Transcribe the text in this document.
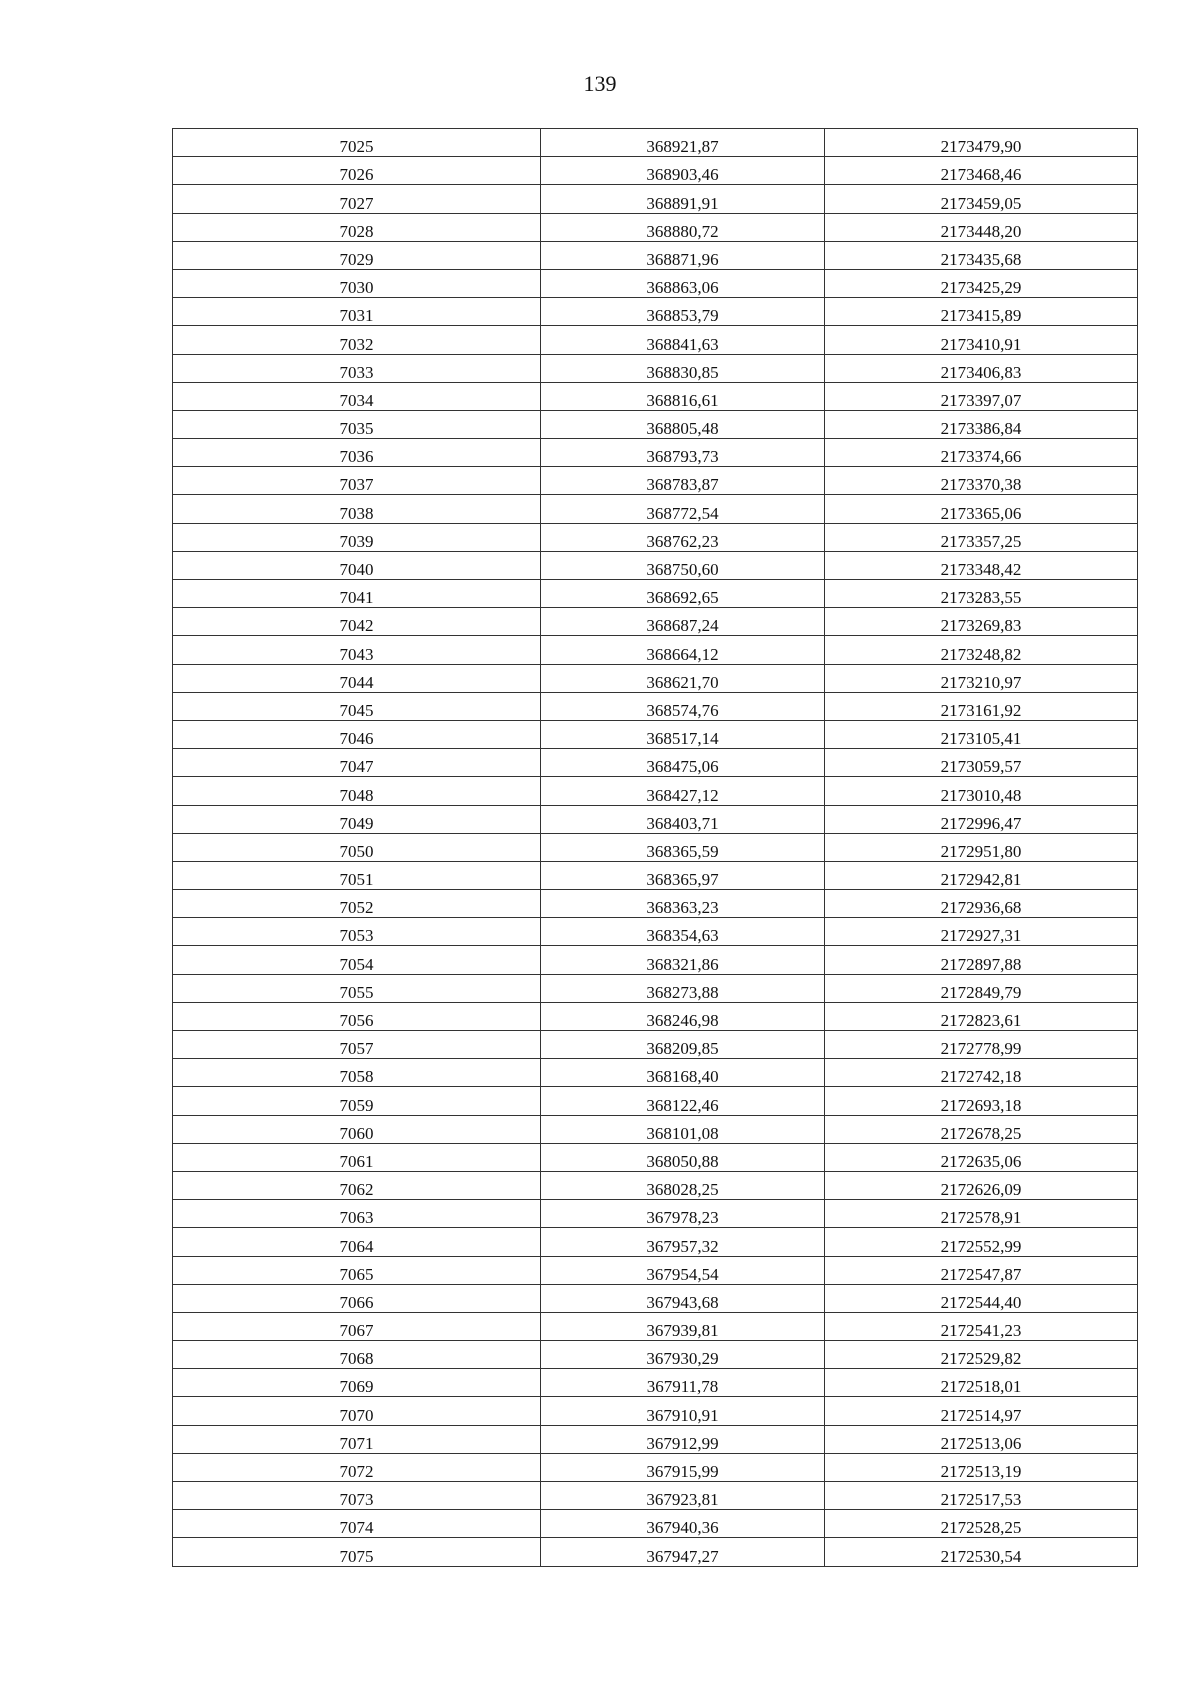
139
7025	368921,87	2173479,90
7026	368903,46	2173468,46
7027	368891,91	2173459,05
7028	368880,72	2173448,20
7029	368871,96	2173435,68
7030	368863,06	2173425,29
7031	368853,79	2173415,89
7032	368841,63	2173410,91
7033	368830,85	2173406,83
7034	368816,61	2173397,07
7035	368805,48	2173386,84
7036	368793,73	2173374,66
7037	368783,87	2173370,38
7038	368772,54	2173365,06
7039	368762,23	2173357,25
7040	368750,60	2173348,42
7041	368692,65	2173283,55
7042	368687,24	2173269,83
7043	368664,12	2173248,82
7044	368621,70	2173210,97
7045	368574,76	2173161,92
7046	368517,14	2173105,41
7047	368475,06	2173059,57
7048	368427,12	2173010,48
7049	368403,71	2172996,47
7050	368365,59	2172951,80
7051	368365,97	2172942,81
7052	368363,23	2172936,68
7053	368354,63	2172927,31
7054	368321,86	2172897,88
7055	368273,88	2172849,79
7056	368246,98	2172823,61
7057	368209,85	2172778,99
7058	368168,40	2172742,18
7059	368122,46	2172693,18
7060	368101,08	2172678,25
7061	368050,88	2172635,06
7062	368028,25	2172626,09
7063	367978,23	2172578,91
7064	367957,32	2172552,99
7065	367954,54	2172547,87
7066	367943,68	2172544,40
7067	367939,81	2172541,23
7068	367930,29	2172529,82
7069	367911,78	2172518,01
7070	367910,91	2172514,97
7071	367912,99	2172513,06
7072	367915,99	2172513,19
7073	367923,81	2172517,53
7074	367940,36	2172528,25
7075	367947,27	2172530,54
